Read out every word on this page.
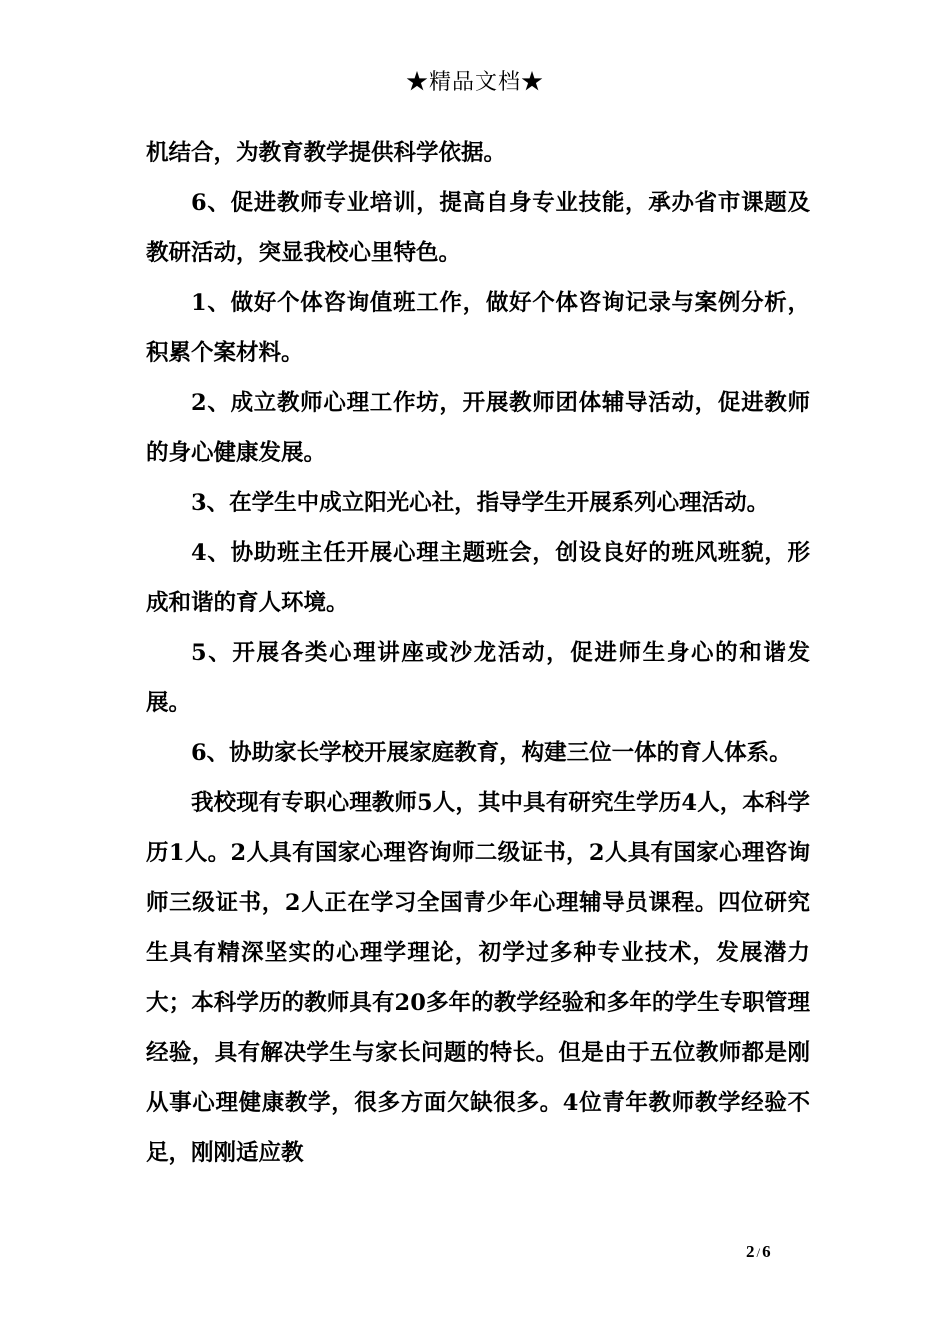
★精品文档★

机结合，为教育教学提供科学依据。

6、促进教师专业培训，提高自身专业技能，承办省市课题及教研活动，突显我校心里特色。

1、做好个体咨询值班工作，做好个体咨询记录与案例分析，积累个案材料。

2、成立教师心理工作坊，开展教师团体辅导活动，促进教师的身心健康发展。

3、在学生中成立阳光心社，指导学生开展系列心理活动。

4、协助班主任开展心理主题班会，创设良好的班风班貌，形成和谐的育人环境。

5、开展各类心理讲座或沙龙活动，促进师生身心的和谐发展。

6、协助家长学校开展家庭教育，构建三位一体的育人体系。

我校现有专职心理教师5人，其中具有研究生学历4人，本科学历1人。2人具有国家心理咨询师二级证书，2人具有国家心理咨询师三级证书，2人正在学习全国青少年心理辅导员课程。四位研究生具有精深坚实的心理学理论，初学过多种专业技术，发展潜力大；本科学历的教师具有20多年的教学经验和多年的学生专职管理经验，具有解决学生与家长问题的特长。但是由于五位教师都是刚从事心理健康教学，很多方面欠缺很多。4位青年教师教学经验不足，刚刚适应教

2 / 6
